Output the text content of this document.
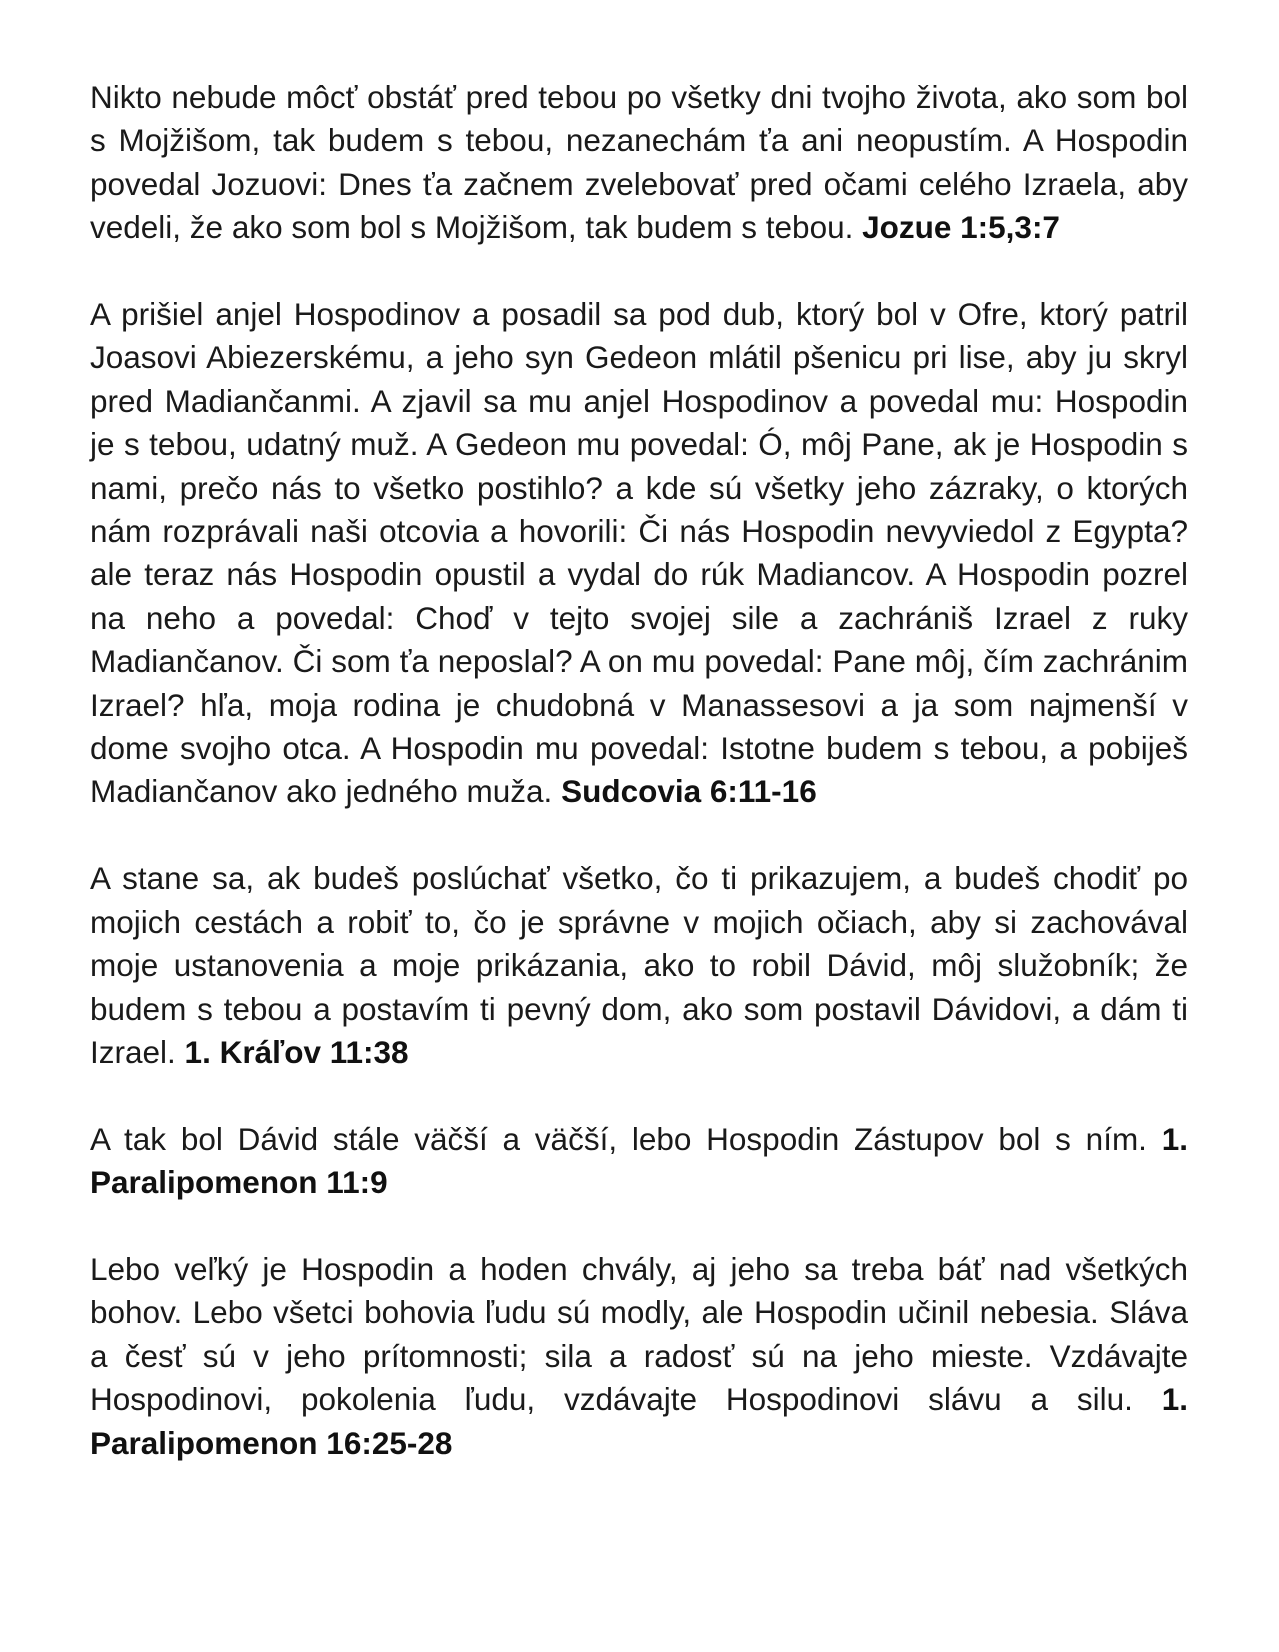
Nikto nebude môcť obstáť pred tebou po všetky dni tvojho života, ako som bol s Mojžišom, tak budem s tebou, nezanechám ťa ani neopustím. A Hospodin povedal Jozuovi: Dnes ťa začnem zvelebovať pred očami celého Izraela, aby vedeli, že ako som bol s Mojžišom, tak budem s tebou. Jozue 1:5,3:7

A prišiel anjel Hospodinov a posadil sa pod dub, ktorý bol v Ofre, ktorý patril Joasovi Abiezerskému, a jeho syn Gedeon mlátil pšenicu pri lise, aby ju skryl pred Madiančanmi. A zjavil sa mu anjel Hospodinov a povedal mu: Hospodin je s tebou, udatný muž. A Gedeon mu povedal: Ó, môj Pane, ak je Hospodin s nami, prečo nás to všetko postihlo? a kde sú všetky jeho zázraky, o ktorých nám rozprávali naši otcovia a hovorili: Či nás Hospodin nevyviedol z Egypta? ale teraz nás Hospodin opustil a vydal do rúk Madiancov. A Hospodin pozrel na neho a povedal: Choď v tejto svojej sile a zachrániš Izrael z ruky Madiančanov. Či som ťa neposlal? A on mu povedal: Pane môj, čím zachránim Izrael? hľa, moja rodina je chudobná v Manassesovi a ja som najmenší v dome svojho otca. A Hospodin mu povedal: Istotne budem s tebou, a pobiješ Madiančanov ako jedného muža. Sudcovia 6:11-16

A stane sa, ak budeš poslúchať všetko, čo ti prikazujem, a budeš chodiť po mojich cestách a robiť to, čo je správne v mojich očiach, aby si zachovával moje ustanovenia a moje prikázania, ako to robil Dávid, môj služobník; že budem s tebou a postavím ti pevný dom, ako som postavil Dávidovi, a dám ti Izrael. 1. Kráľov 11:38

A tak bol Dávid stále väčší a väčší, lebo Hospodin Zástupov bol s ním. 1. Paralipomenon 11:9

Lebo veľký je Hospodin a hoden chvály, aj jeho sa treba báť nad všetkých bohov. Lebo všetci bohovia ľudu sú modly, ale Hospodin učinil nebesia. Sláva a česť sú v jeho prítomnosti; sila a radosť sú na jeho mieste. Vzdávajte Hospodinovi, pokolenia ľudu, vzdávajte Hospodinovi slávu a silu. 1. Paralipomenon 16:25-28
